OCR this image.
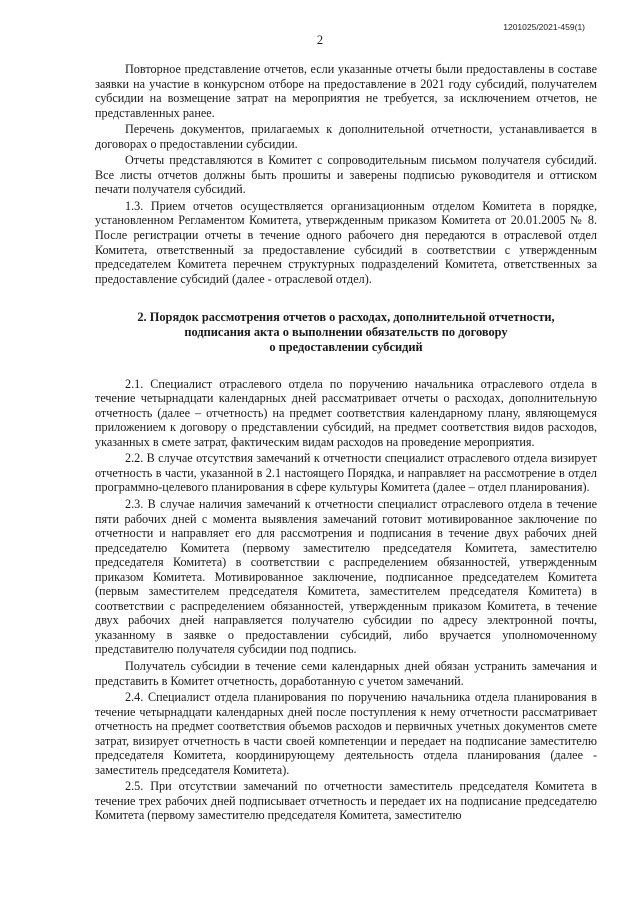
1201025/2021-459(1)
2

Повторное представление отчетов, если указанные отчеты были предоставлены в составе заявки на участие в конкурсном отборе на предоставление в 2021 году субсидий, получателем субсидии на возмещение затрат на мероприятия не требуется, за исключением отчетов, не представленных ранее.

Перечень документов, прилагаемых к дополнительной отчетности, устанавливается в договорах о предоставлении субсидии.

Отчеты представляются в Комитет с сопроводительным письмом получателя субсидий. Все листы отчетов должны быть прошиты и заверены подписью руководителя и оттиском печати получателя субсидий.

1.3. Прием отчетов осуществляется организационным отделом Комитета в порядке, установленном Регламентом Комитета, утвержденным приказом Комитета от 20.01.2005 № 8. После регистрации отчеты в течение одного рабочего дня передаются в отраслевой отдел Комитета, ответственный за предоставление субсидий в соответствии с утвержденным председателем Комитета перечнем структурных подразделений Комитета, ответственных за предоставление субсидий (далее - отраслевой отдел).

2. Порядок рассмотрения отчетов о расходах, дополнительной отчетности,
подписания акта о выполнении обязательств по договору
о предоставлении субсидий

2.1. Специалист отраслевого отдела по поручению начальника отраслевого отдела в течение четырнадцати календарных дней рассматривает отчеты о расходах, дополнительную отчетность (далее – отчетность) на предмет соответствия календарному плану, являющемуся приложением к договору о представлении субсидий, на предмет соответствия видов расходов, указанных в смете затрат, фактическим видам расходов на проведение мероприятия.

2.2. В случае отсутствия замечаний к отчетности специалист отраслевого отдела визирует отчетность в части, указанной в 2.1 настоящего Порядка, и направляет на рассмотрение в отдел программно-целевого планирования в сфере культуры Комитета (далее – отдел планирования).

2.3. В случае наличия замечаний к отчетности специалист отраслевого отдела в течение пяти рабочих дней с момента выявления замечаний готовит мотивированное заключение по отчетности и направляет его для рассмотрения и подписания в течение двух рабочих дней председателю Комитета (первому заместителю председателя Комитета, заместителю председателя Комитета) в соответствии с распределением обязанностей, утвержденным приказом Комитета. Мотивированное заключение, подписанное председателем Комитета (первым заместителем председателя Комитета, заместителем председателя Комитета) в соответствии с распределением обязанностей, утвержденным приказом Комитета, в течение двух рабочих дней направляется получателю субсидии по адресу электронной почты, указанному в заявке о предоставлении субсидий, либо вручается уполномоченному представителю получателя субсидии под подпись.

Получатель субсидии в течение семи календарных дней обязан устранить замечания и представить в Комитет отчетность, доработанную с учетом замечаний.

2.4. Специалист отдела планирования по поручению начальника отдела планирования в течение четырнадцати календарных дней после поступления к нему отчетности рассматривает отчетность на предмет соответствия объемов расходов и первичных учетных документов смете затрат, визирует отчетность в части своей компетенции и передает на подписание заместителю председателя Комитета, координирующему деятельность отдела планирования (далее - заместитель председателя Комитета).

2.5. При отсутствии замечаний по отчетности заместитель председателя Комитета в течение трех рабочих дней подписывает отчетность и передает их на подписание председателю Комитета (первому заместителю председателя Комитета, заместителю
